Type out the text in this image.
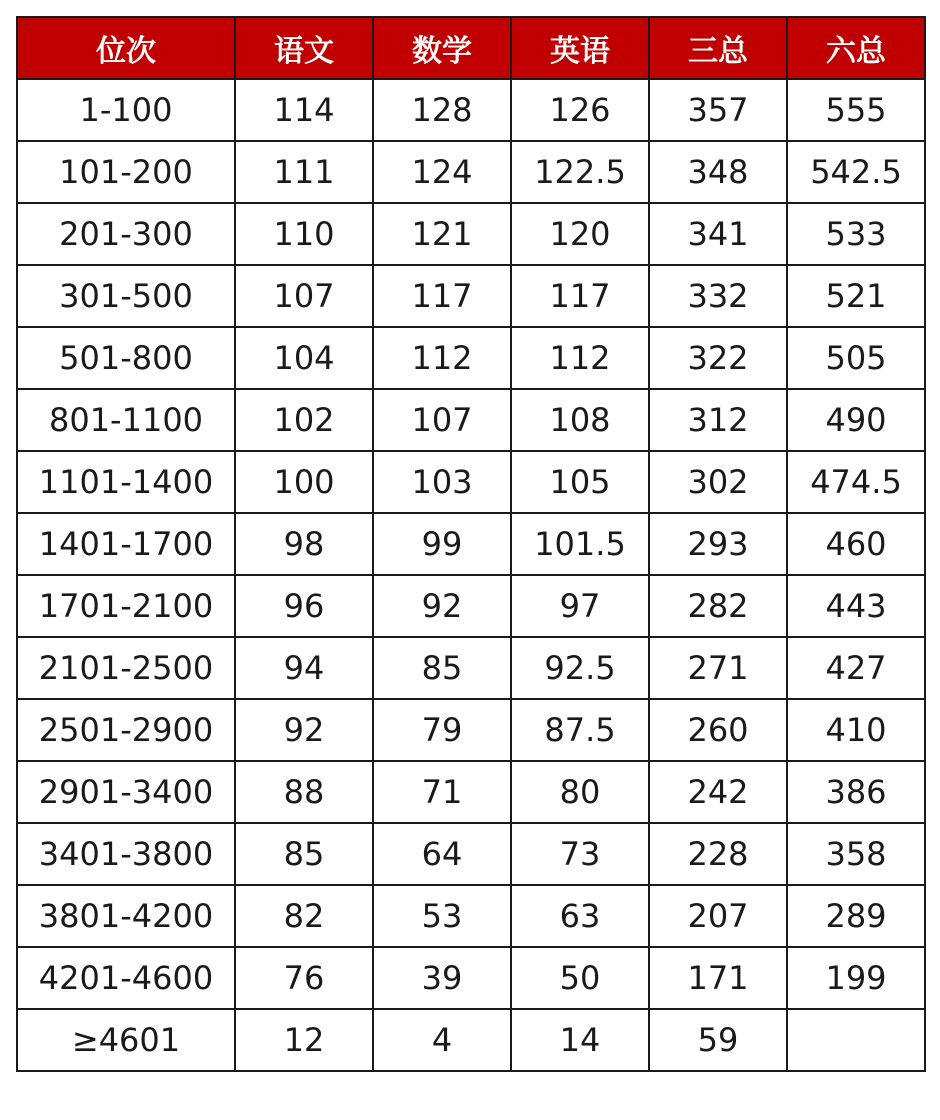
位次	语文	数学	英语	三总	六总
1-100	114	128	126	357	555
101-200	111	124	122.5	348	542.5
201-300	110	121	120	341	533
301-500	107	117	117	332	521
501-800	104	112	112	322	505
801-1100	102	107	108	312	490
1101-1400	100	103	105	302	474.5
1401-1700	98	99	101.5	293	460
1701-2100	96	92	97	282	443
2101-2500	94	85	92.5	271	427
2501-2900	92	79	87.5	260	410
2901-3400	88	71	80	242	386
3401-3800	85	64	73	228	358
3801-4200	82	53	63	207	289
4201-4600	76	39	50	171	199
≥4601	12	4	14	59	
